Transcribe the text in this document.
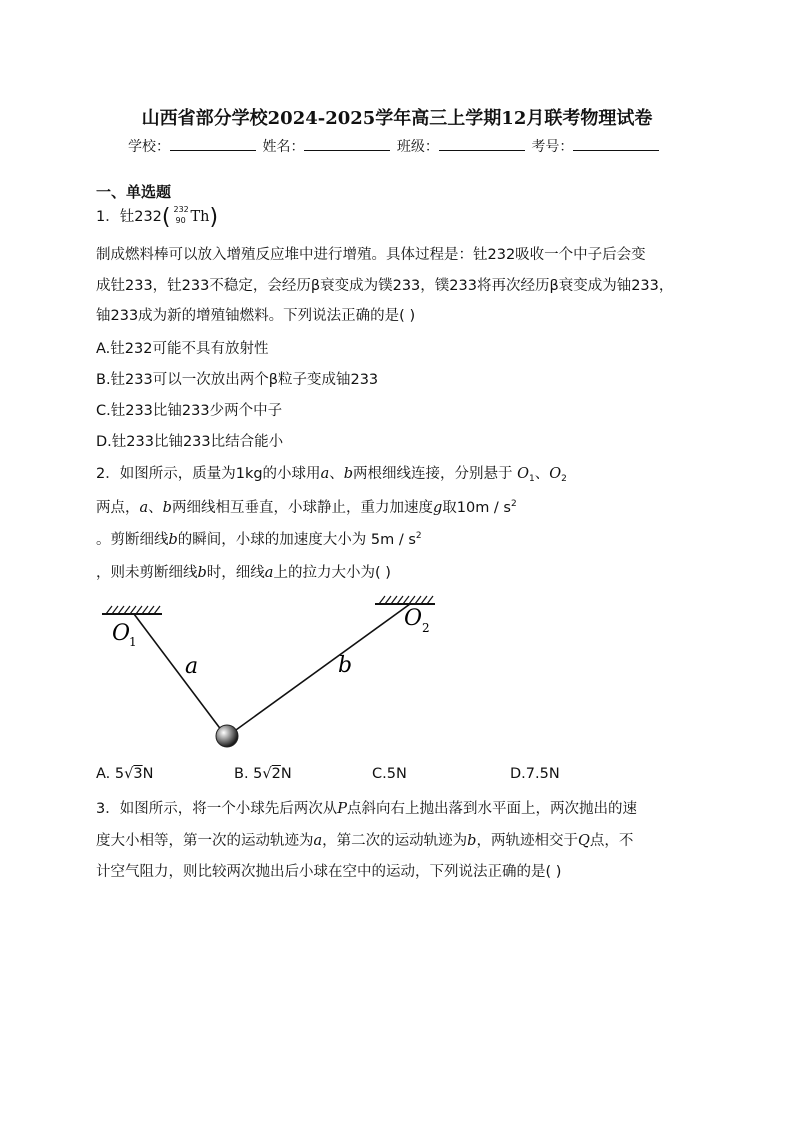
山西省部分学校2024-2025学年高三上学期12月联考物理试卷
学校：	姓名：	班级：	考号：
一、单选题
1．钍232( 232
90 Th)
制成燃料棒可以放入增殖反应堆中进行增殖。具体过程是：钍232吸收一个中子后会变
成钍233，钍233不稳定，会经历β衰变成为镤233，镤233将再次经历β衰变成为铀233，
铀233成为新的增殖铀燃料。下列说法正确的是( )
A.钍232可能不具有放射性
B.钍233可以一次放出两个β粒子变成铀233
C.钍233比铀233少两个中子
D.钍233比铀233比结合能小
2．如图所示，质量为1kg的小球用a、b两根细线连接，分别悬于 $O_1$、$O_2$
两点，a、b两细线相互垂直，小球静止，重力加速度g取$10m / s^2$
。剪断细线b的瞬间，小球的加速度大小为 $5m / s^2$
，则未剪断细线b时，细线a上的拉力大小为( )
O
1
O 2
a	b
A. 5√3N	B. 5√2N	C.5N	D.7.5N
3．如图所示，将一个小球先后两次从P点斜向右上抛出落到水平面上，两次抛出的速
度大小相等，第一次的运动轨迹为a，第二次的运动轨迹为b，两轨迹相交于Q点，不
计空气阻力，则比较两次抛出后小球在空中的运动，下列说法正确的是( )
